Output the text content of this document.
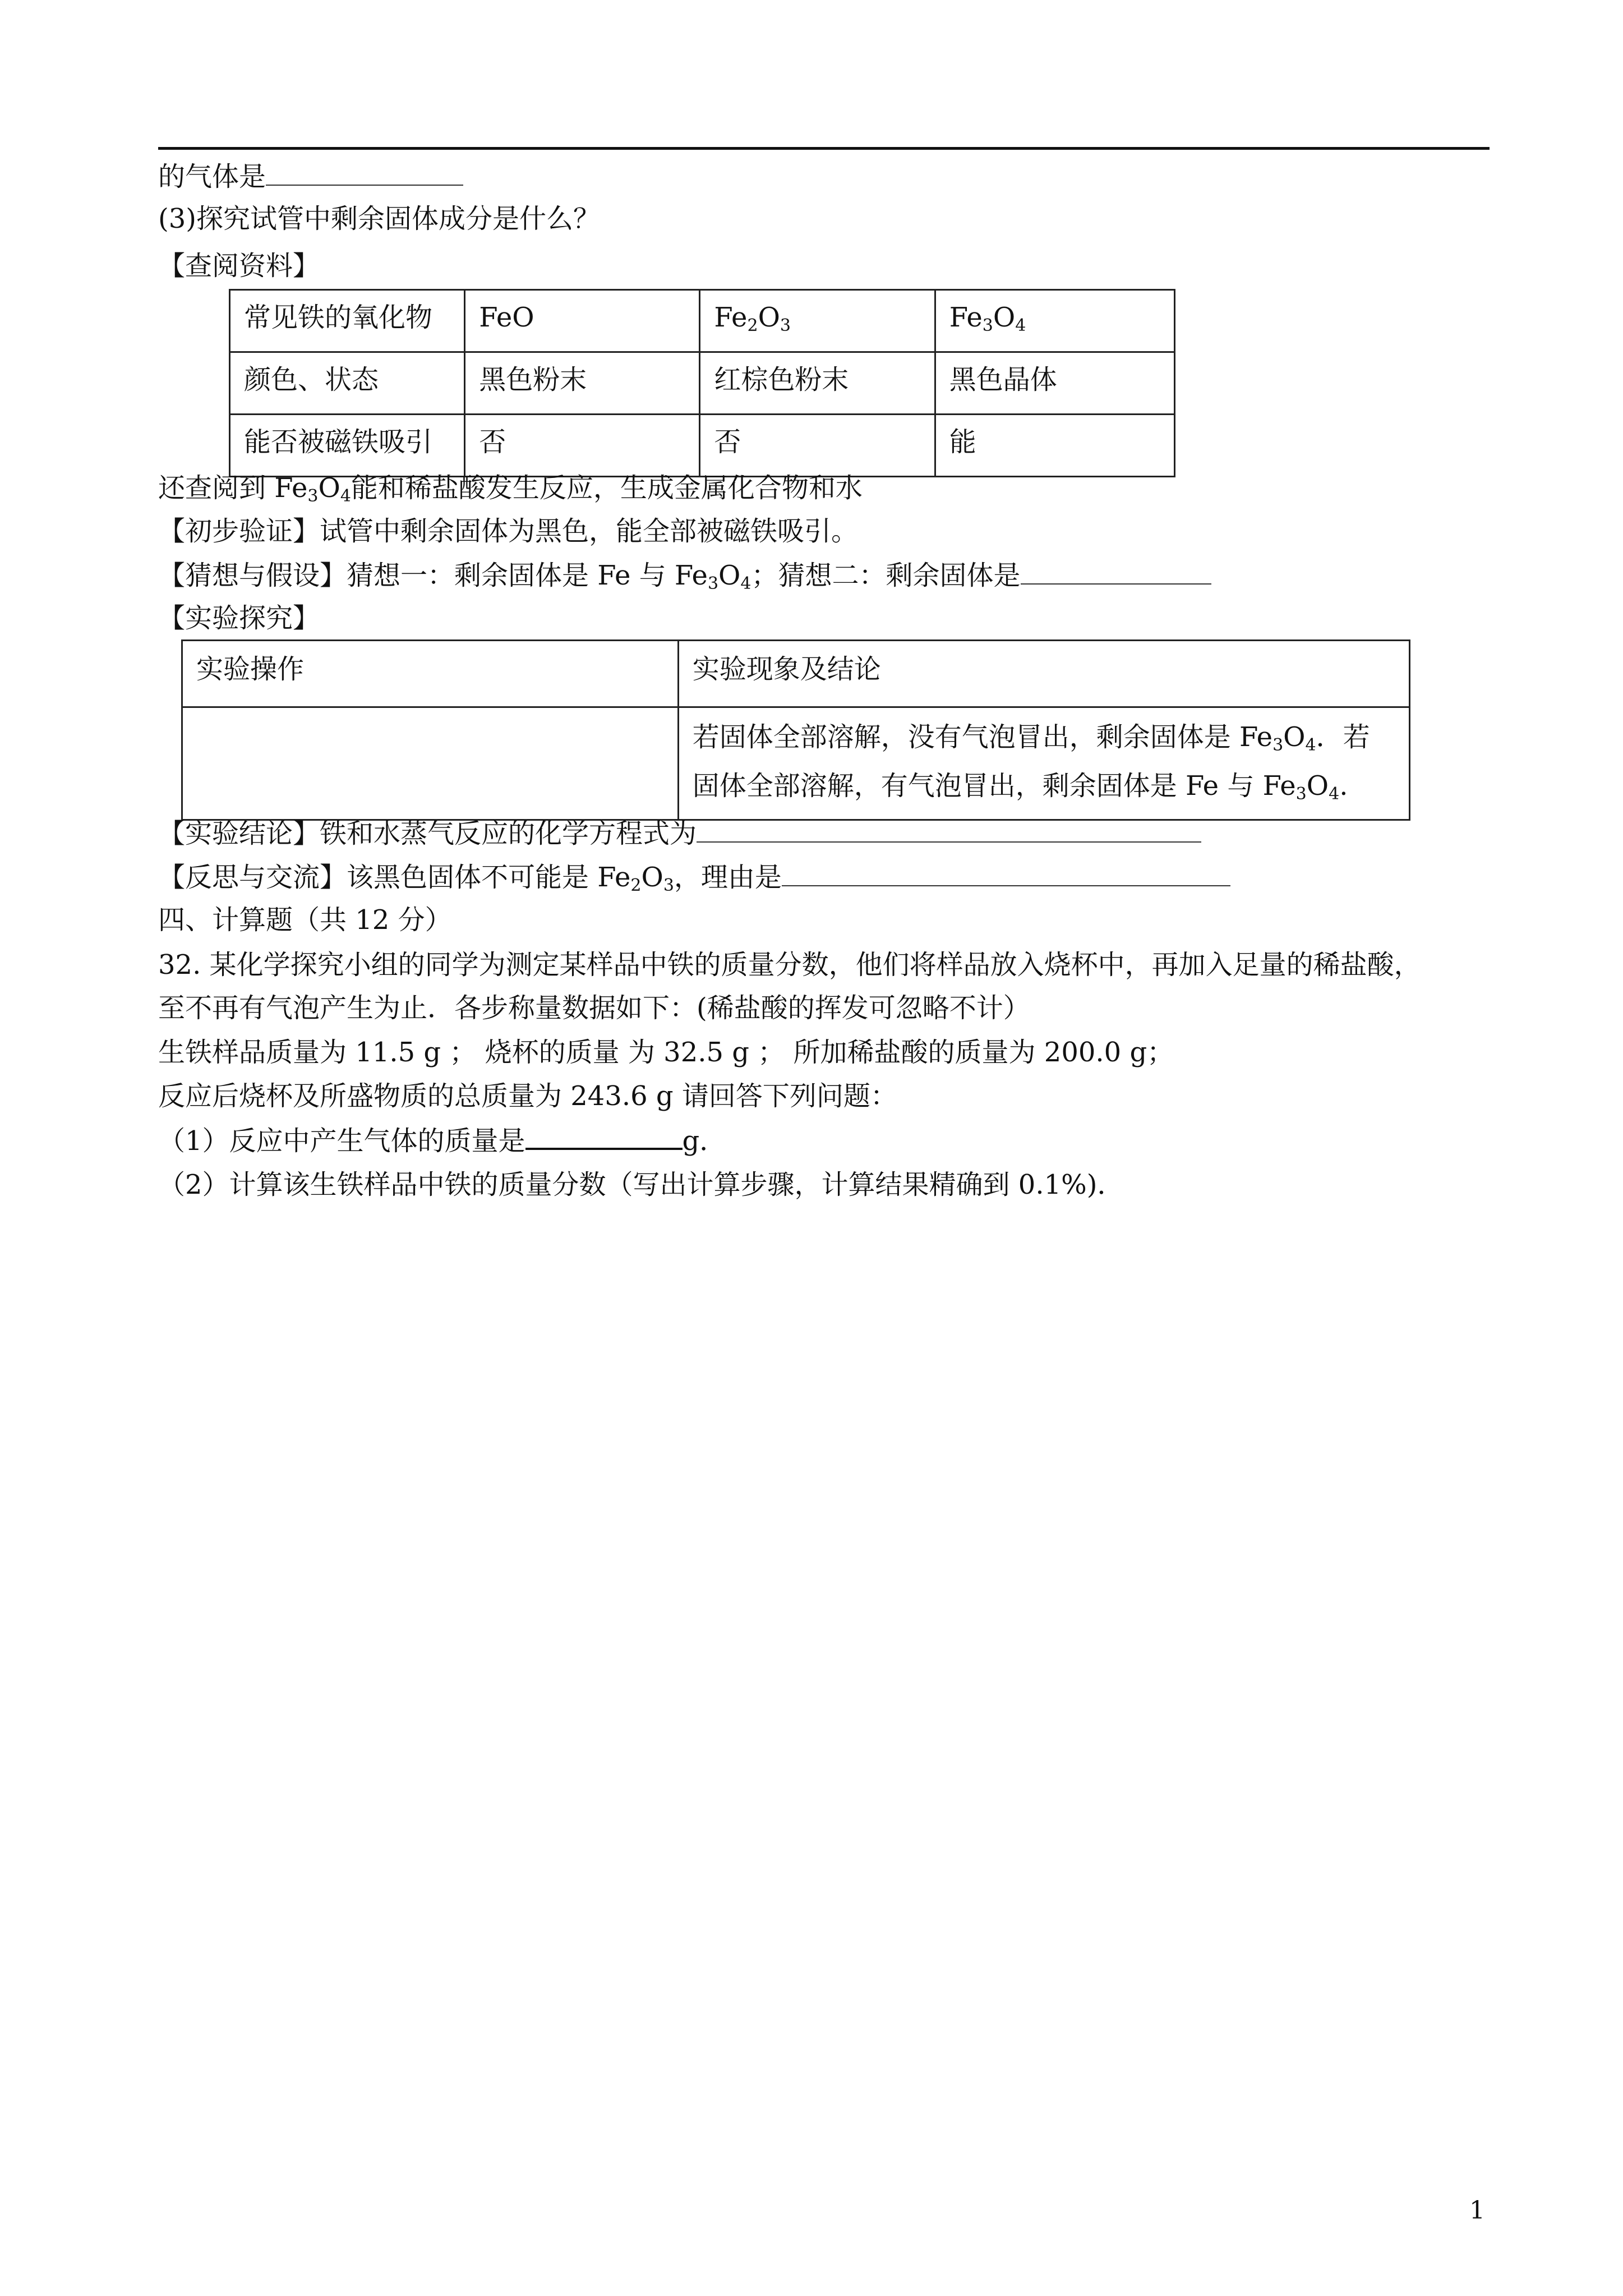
的气体是
(3)探究试管中剩余固体成分是什么？
【查阅资料】
常见铁的氧化物	FeO	$Fe_2O_3$	$Fe_3O_4$
颜色、状态	黑色粉末	红棕色粉末	黑色晶体
能否被磁铁吸引	否	否	能
还查阅到 $Fe_3O_4$能和稀盐酸发生反应，生成金属化合物和水
【初步验证】试管中剩余固体为黑色，能全部被磁铁吸引。
【猜想与假设】猜想一：剩余固体是 Fe 与 $Fe_3O_4$；猜想二：剩余固体是
【实验探究】
实验操作	实验现象及结论

	若固体全部溶解，没有气泡冒出，剩余固体是 $Fe_3O_4$．若
固体全部溶解，有气泡冒出，剩余固体是 Fe 与 $Fe_3O_4$.
【实验结论】铁和水蒸气反应的化学方程式为
【反思与交流】该黑色固体不可能是 $Fe_2O_3$，理由是
四、计算题（共 12 分）
32. 某化学探究小组的同学为测定某样品中铁的质量分数，他们将样品放入烧杯中，再加入足量的稀盐酸，
至不再有气泡产生为止．各步称量数据如下：(稀盐酸的挥发可忽略不计）
生铁样品质量为 11.5 g ； 烧杯的质量 为 32.5 g ； 所加稀盐酸的质量为 200.0 g；
反应后烧杯及所盛物质的总质量为 243.6 g 请回答下列问题：
（1）反应中产生气体的质量是	g．
（2）计算该生铁样品中铁的质量分数（写出计算步骤，计算结果精确到 0.1%)．
1
